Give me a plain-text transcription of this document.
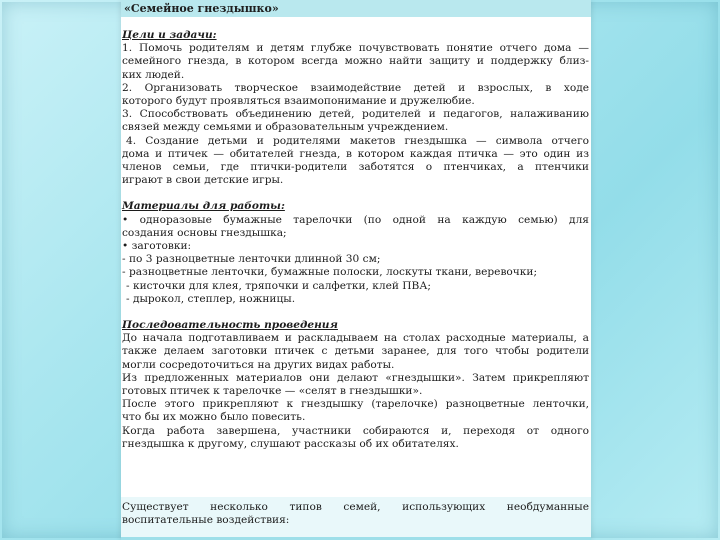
«Семейное гнездышко»
Цели и задачи:
1. Помочь родителям и детям глубже почувствовать понятие отчего дома —
семейного гнезда, в котором всегда можно найти защиту и поддержку близ-
ких людей.
2. Организовать творческое взаимодействие детей и взрослых, в ходе
которого будут проявляться взаимопонимание и дружелюбие.
3. Способствовать объединению детей, родителей и педагогов, налаживанию
связей между семьями и образовательным учреждением.
4. Создание детьми и родителями макетов гнездышка — символа отчего
дома и птичек — обитателей гнезда, в котором каждая птичка — это один из
членов семьи, где птички-родители заботятся о птенчиках, а птенчики
играют в свои детские игры.
Материалы для работы:
• одноразовые бумажные тарелочки (по одной на каждую семью) для
создания основы гнездышка;
• заготовки:
- по 3 разноцветные ленточки длинной 30 см;
- разноцветные ленточки, бумажные полоски, лоскуты ткани, веревочки;
- кисточки для клея, тряпочки и салфетки, клей ПВА;
- дырокол, степлер, ножницы.
Последовательность проведения
До начала подготавливаем и раскладываем на столах расходные материалы, а
также делаем заготовки птичек с детьми заранее, для того чтобы родители
могли сосредоточиться на других видах работы.
Из предложенных материалов они делают «гнездышки». Затем прикрепляют
готовых птичек к тарелочке — «селят в гнездышки».
После этого прикрепляют к гнездышку (тарелочке) разноцветные ленточки,
что бы их можно было повесить.
Когда работа завершена, участники собираются и, переходя от одного
гнездышка к другому, слушают рассказы об их обитателях.
Существует несколько типов семей, использующих необдуманные
воспитательные воздействия:
